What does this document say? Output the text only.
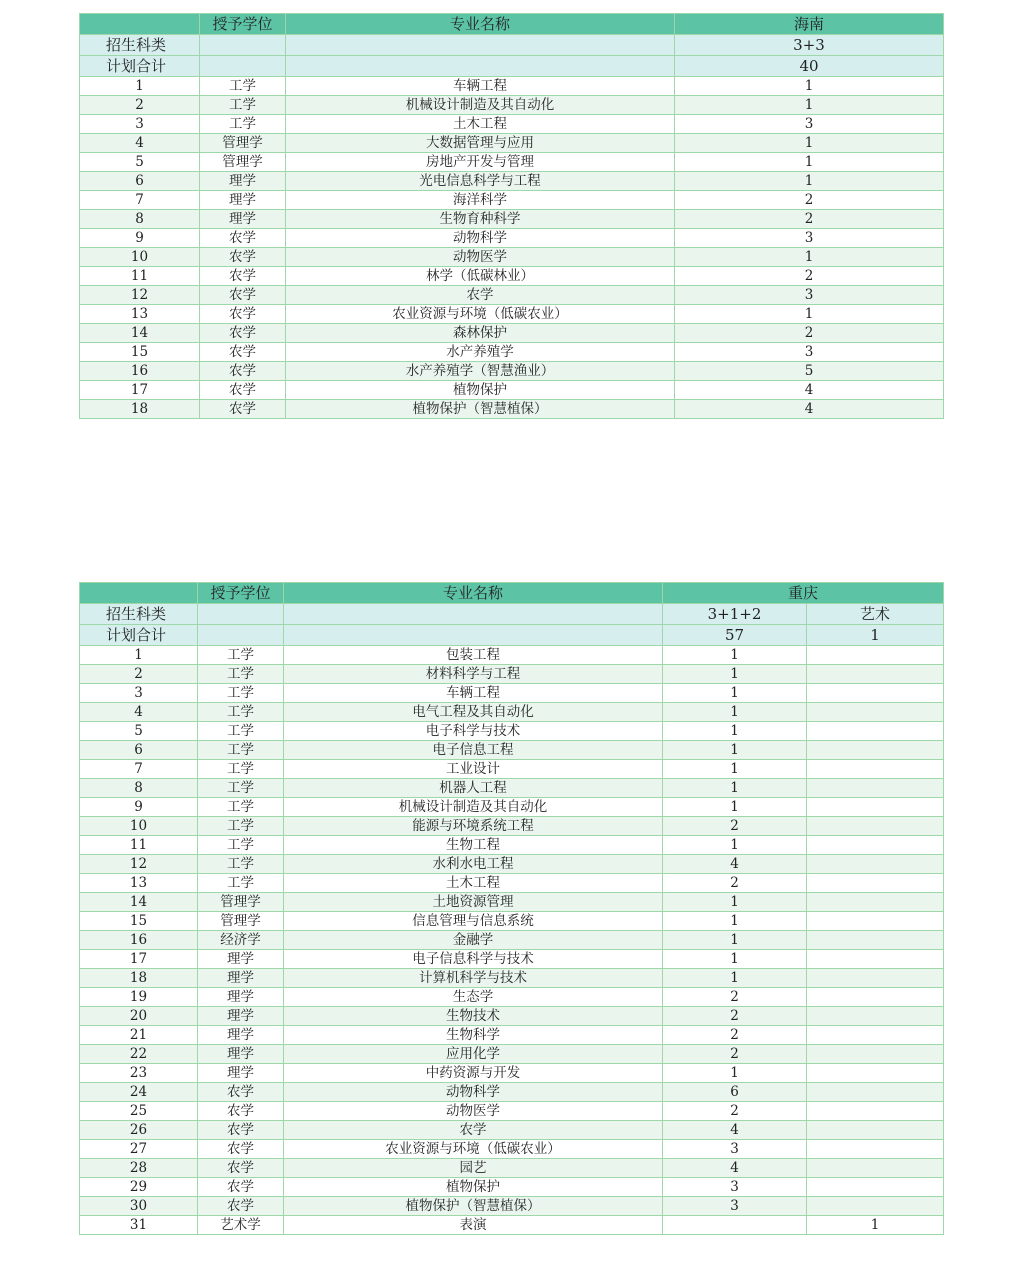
	授予学位	专业名称	海南
招生科类			3+3
计划合计			40
1	工学	车辆工程	1
2	工学	机械设计制造及其自动化	1
3	工学	土木工程	3
4	管理学	大数据管理与应用	1
5	管理学	房地产开发与管理	1
6	理学	光电信息科学与工程	1
7	理学	海洋科学	2
8	理学	生物育种科学	2
9	农学	动物科学	3
10	农学	动物医学	1
11	农学	林学（低碳林业）	2
12	农学	农学	3
13	农学	农业资源与环境（低碳农业）	1
14	农学	森林保护	2
15	农学	水产养殖学	3
16	农学	水产养殖学（智慧渔业）	5
17	农学	植物保护	4
18	农学	植物保护（智慧植保）	4
	授予学位	专业名称	重庆	
招生科类			3+1+2	艺术
计划合计			57	1
1	工学	包装工程	1	
2	工学	材料科学与工程	1	
3	工学	车辆工程	1	
4	工学	电气工程及其自动化	1	
5	工学	电子科学与技术	1	
6	工学	电子信息工程	1	
7	工学	工业设计	1	
8	工学	机器人工程	1	
9	工学	机械设计制造及其自动化	1	
10	工学	能源与环境系统工程	2	
11	工学	生物工程	1	
12	工学	水利水电工程	4	
13	工学	土木工程	2	
14	管理学	土地资源管理	1	
15	管理学	信息管理与信息系统	1	
16	经济学	金融学	1	
17	理学	电子信息科学与技术	1	
18	理学	计算机科学与技术	1	
19	理学	生态学	2	
20	理学	生物技术	2	
21	理学	生物科学	2	
22	理学	应用化学	2	
23	理学	中药资源与开发	1	
24	农学	动物科学	6	
25	农学	动物医学	2	
26	农学	农学	4	
27	农学	农业资源与环境（低碳农业）	3	
28	农学	园艺	4	
29	农学	植物保护	3	
30	农学	植物保护（智慧植保）	3	
31	艺术学	表演		1
